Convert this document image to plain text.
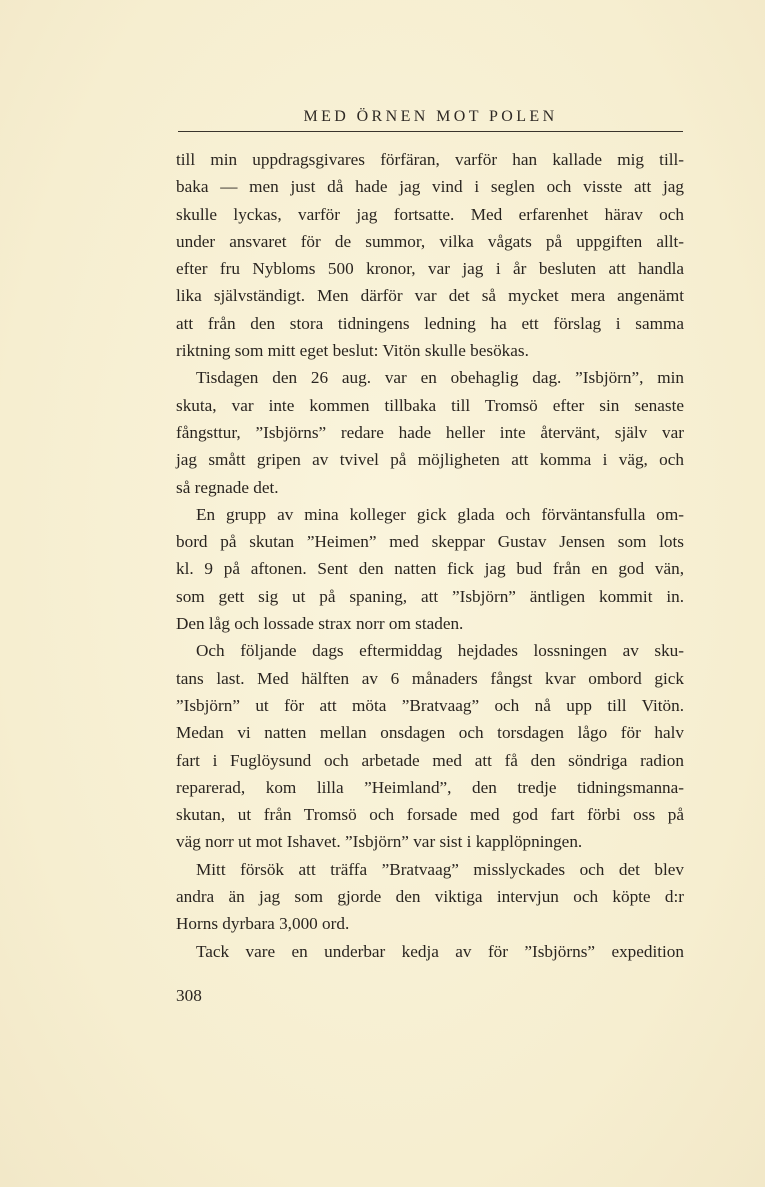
MED ÖRNEN MOT POLEN
till min uppdragsgivares förfäran, varför han kallade mig till-
baka — men just då hade jag vind i seglen och visste att jag
skulle lyckas, varför jag fortsatte. Med erfarenhet härav och
under ansvaret för de summor, vilka vågats på uppgiften allt-
efter fru Nybloms 500 kronor, var jag i år besluten att handla
lika självständigt. Men därför var det så mycket mera angenämt
att från den stora tidningens ledning ha ett förslag i samma
riktning som mitt eget beslut: Vitön skulle besökas.
Tisdagen den 26 aug. var en obehaglig dag. ”Isbjörn”, min
skuta, var inte kommen tillbaka till Tromsö efter sin senaste
fångsttur, ”Isbjörns” redare hade heller inte återvänt, själv var
jag smått gripen av tvivel på möjligheten att komma i väg, och
så regnade det.
En grupp av mina kolleger gick glada och förväntansfulla om-
bord på skutan ”Heimen” med skeppar Gustav Jensen som lots
kl. 9 på aftonen. Sent den natten fick jag bud från en god vän,
som gett sig ut på spaning, att ”Isbjörn” äntligen kommit in.
Den låg och lossade strax norr om staden.
Och följande dags eftermiddag hejdades lossningen av sku-
tans last. Med hälften av 6 månaders fångst kvar ombord gick
”Isbjörn” ut för att möta ”Bratvaag” och nå upp till Vitön.
Medan vi natten mellan onsdagen och torsdagen lågo för halv
fart i Fuglöysund och arbetade med att få den söndriga radion
reparerad, kom lilla ”Heimland”, den tredje tidningsmanna-
skutan, ut från Tromsö och forsade med god fart förbi oss på
väg norr ut mot Ishavet. ”Isbjörn” var sist i kapplöpningen.
Mitt försök att träffa ”Bratvaag” misslyckades och det blev
andra än jag som gjorde den viktiga intervjun och köpte d:r
Horns dyrbara 3,000 ord.
Tack vare en underbar kedja av för ”Isbjörns” expedition
308
